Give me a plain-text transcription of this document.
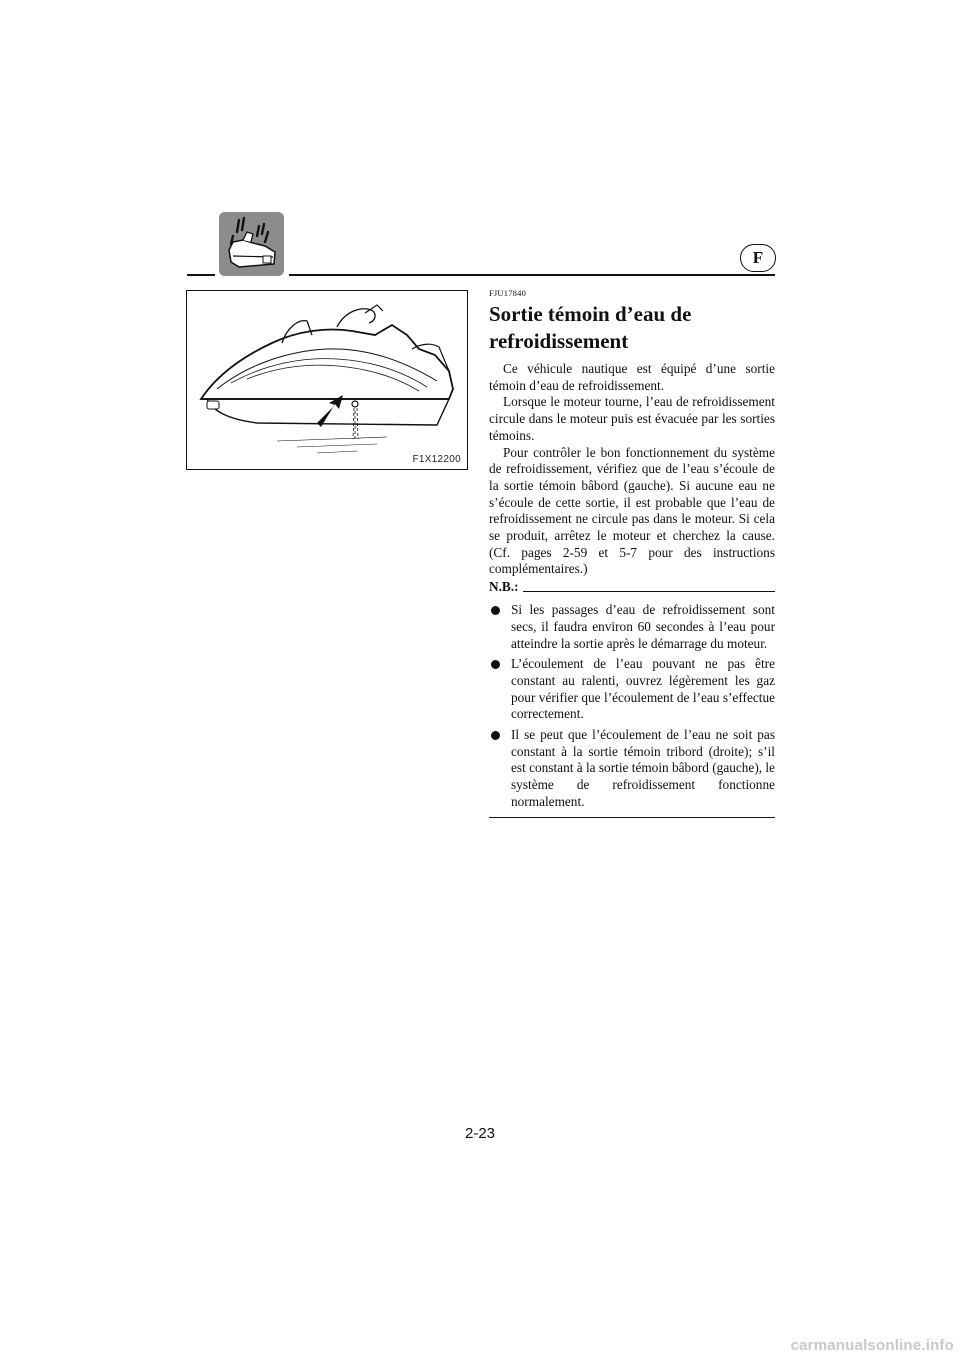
F
F1X12200
FJU17840
Sortie témoin d’eau de refroidissement

Ce véhicule nautique est équipé d’une sortie témoin d’eau de refroidissement.

Lorsque le moteur tourne, l’eau de refroidissement circule dans le moteur puis est évacuée par les sorties témoins.

Pour contrôler le bon fonctionnement du système de refroidissement, vérifiez que de l’eau s’écoule de la sortie témoin bâbord (gauche). Si aucune eau ne s’écoule de cette sortie, il est probable que l’eau de refroidissement ne circule pas dans le moteur. Si cela se produit, arrêtez le moteur et cherchez la cause. (Cf. pages 2-59 et 5-7 pour des instructions complémentaires.)

N.B.:
Si les passages d’eau de refroidissement sont secs, il faudra environ 60 secondes à l’eau pour atteindre la sortie après le démarrage du moteur.
L’écoulement de l’eau pouvant ne pas être constant au ralenti, ouvrez légèrement les gaz pour vérifier que l’écoulement de l’eau s’effectue correctement.
Il se peut que l’écoulement de l’eau ne soit pas constant à la sortie témoin tribord (droite); s’il est constant à la sortie témoin bâbord (gauche), le système de refroidissement fonctionne normalement.
2-23
carmanualsonline.info
